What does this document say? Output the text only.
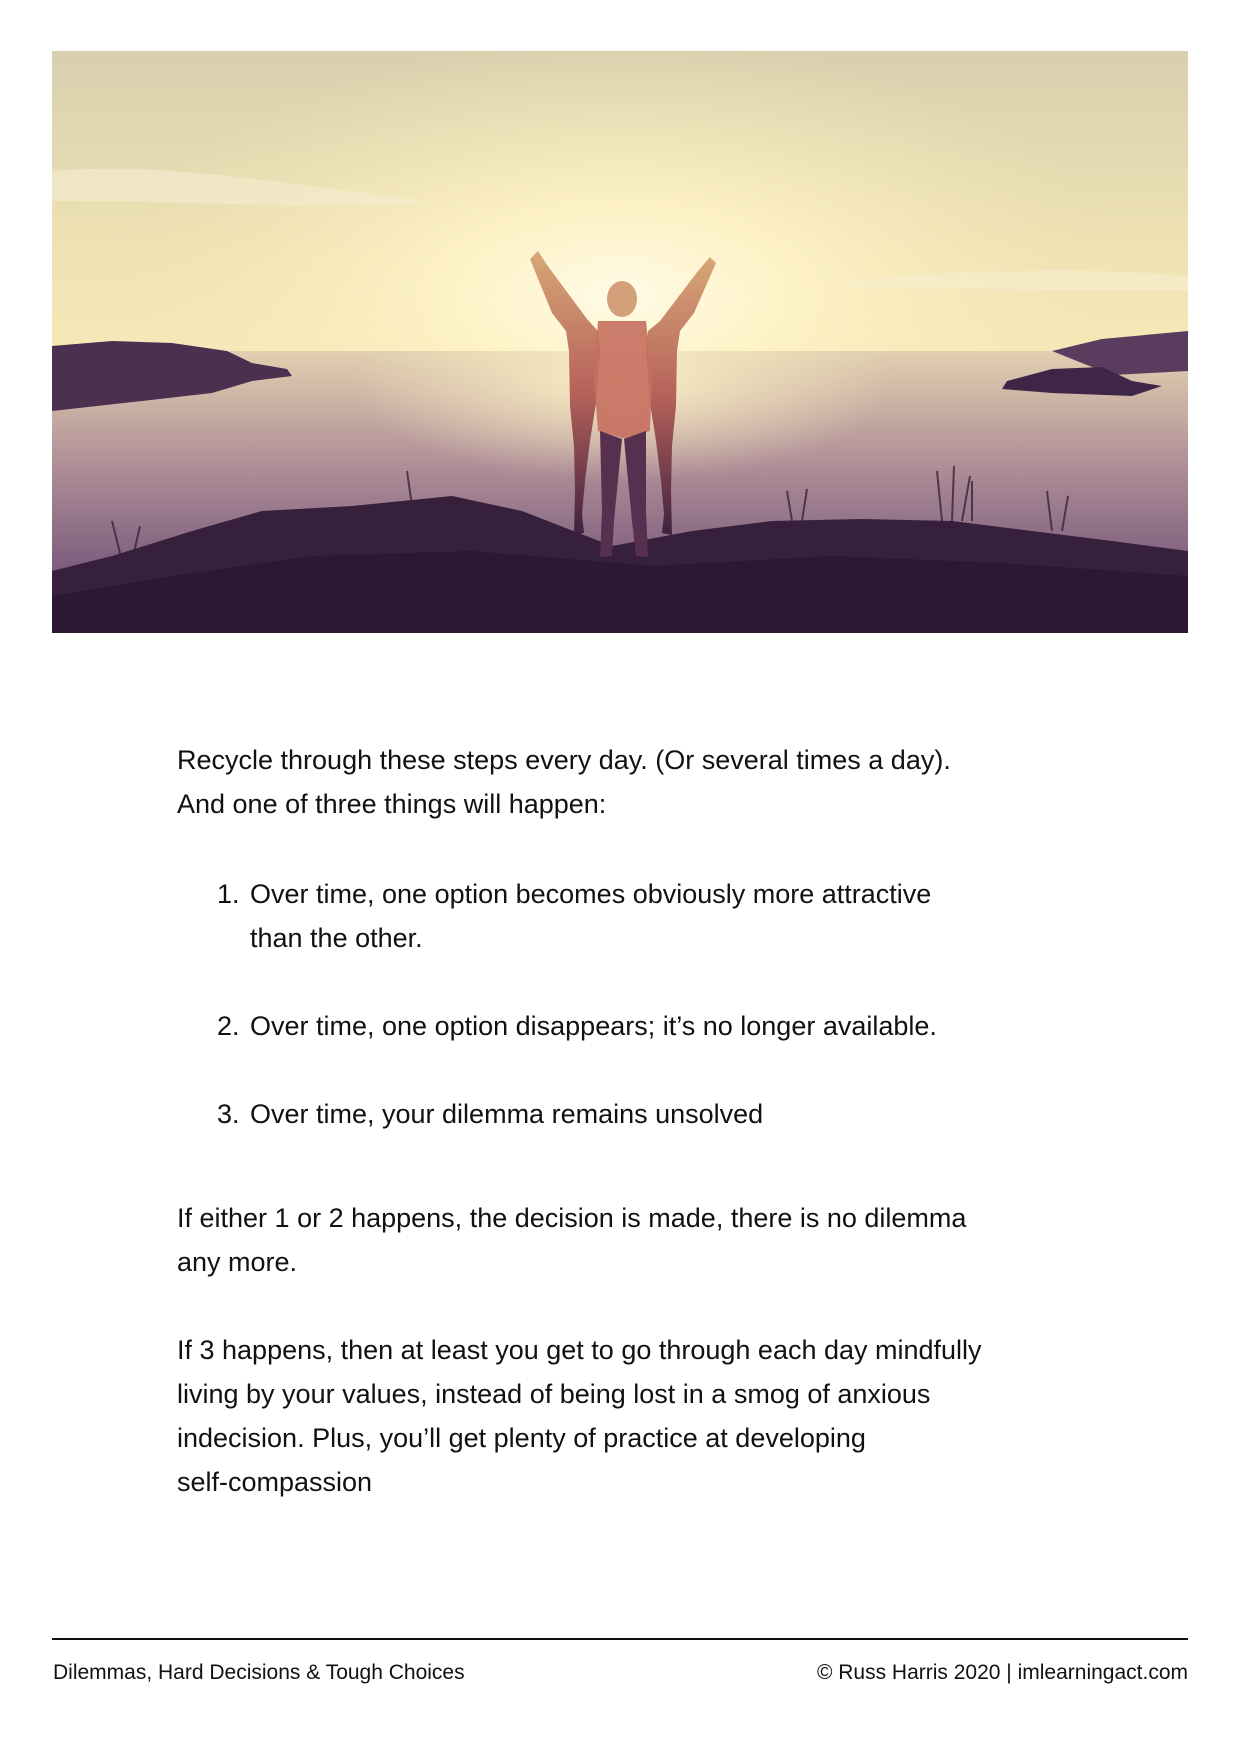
Recycle through these steps every day. (Or several times a day).
And one of three things will happen:

1. Over time, one option becomes obviously more attractive
than the other.
2. Over time, one option disappears; it’s no longer available.
3. Over time, your dilemma remains unsolved

If either 1 or 2 happens, the decision is made, there is no dilemma
any more.

If 3 happens, then at least you get to go through each day mindfully
living by your values, instead of being lost in a smog of anxious
indecision. Plus, you’ll get plenty of practice at developing
self-compassion

Dilemmas, Hard Decisions & Tough Choices	© Russ Harris 2020 | imlearningact.com
